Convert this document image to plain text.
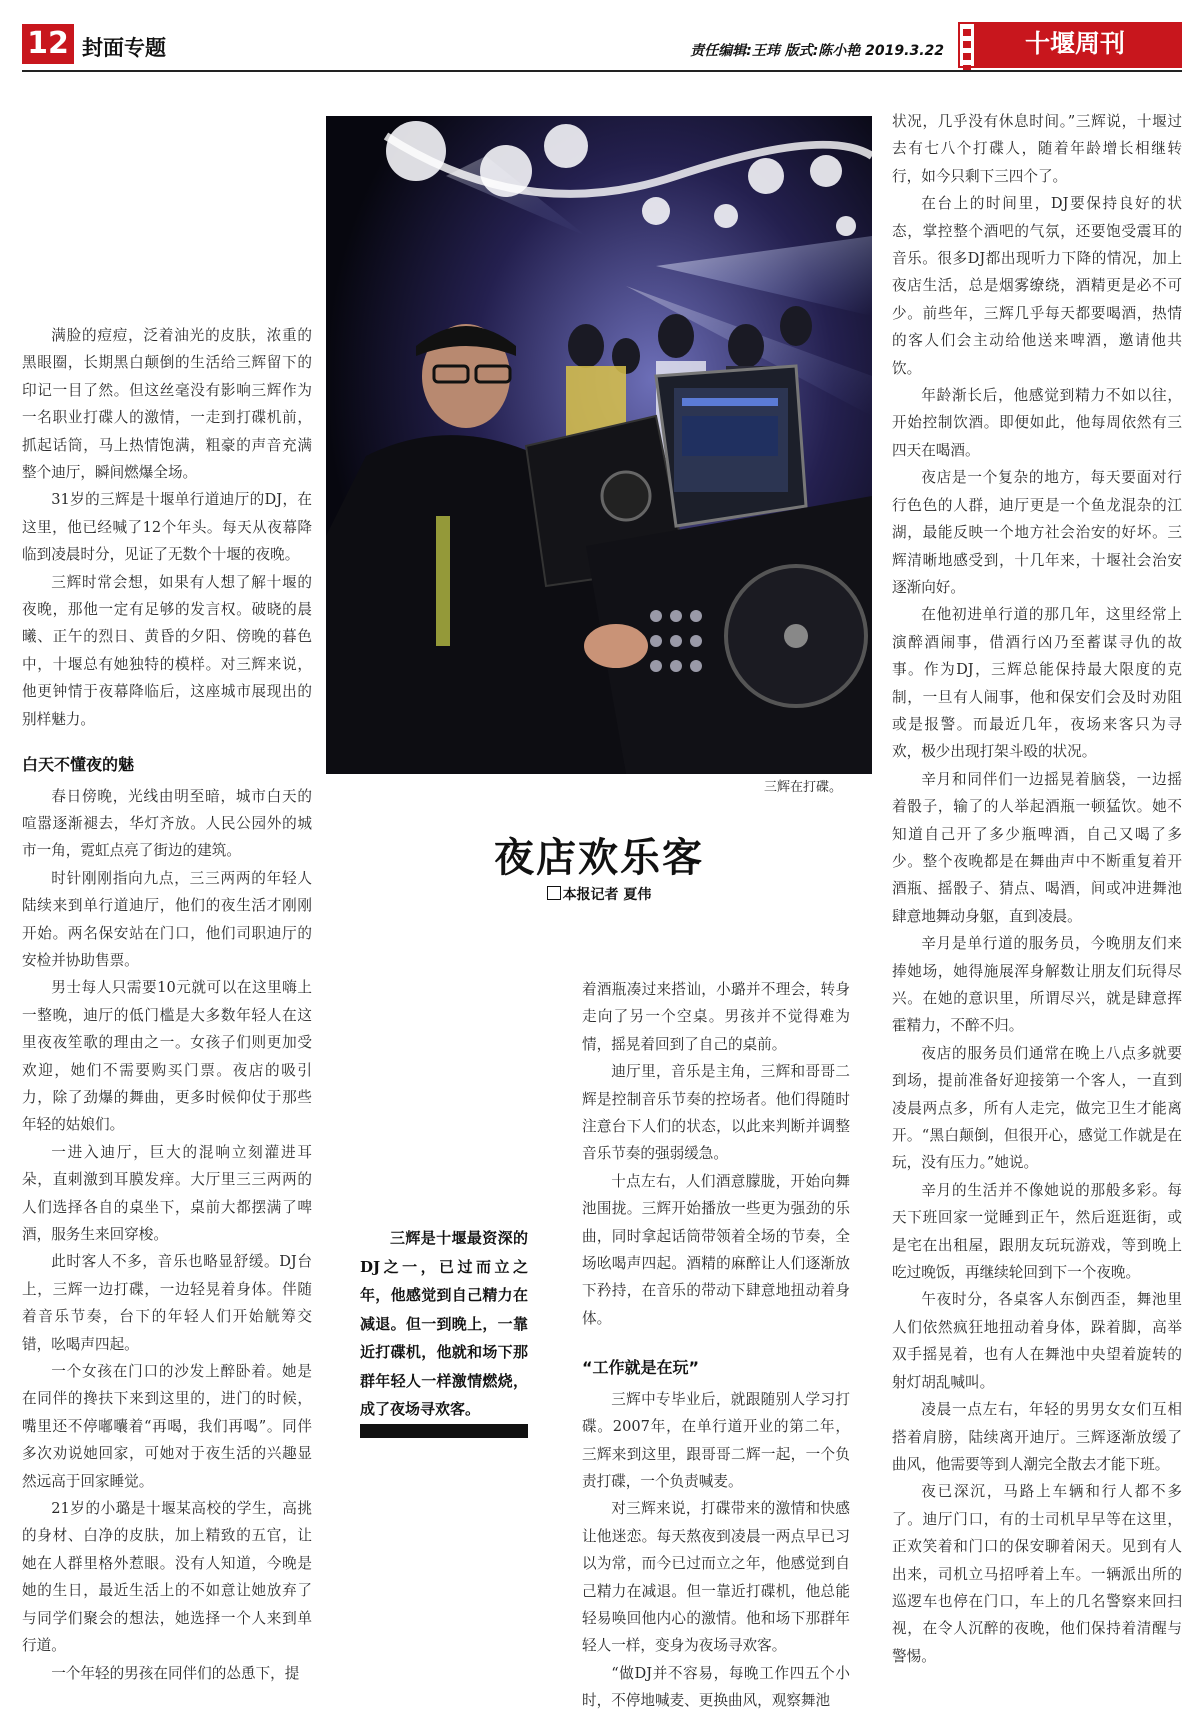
12 封面专题	责任编辑:王玮 版式:陈小艳 2019.3.22	十堰周刊

满脸的痘痘，泛着油光的皮肤，浓重的黑眼圈，长期黑白颠倒的生活给三辉留下的印记一目了然。但这丝毫没有影响三辉作为一名职业打碟人的激情，一走到打碟机前，抓起话筒，马上热情饱满，粗豪的声音充满整个迪厅，瞬间燃爆全场。

31岁的三辉是十堰单行道迪厅的DJ，在这里，他已经喊了12个年头。每天从夜幕降临到凌晨时分，见证了无数个十堰的夜晚。

三辉时常会想，如果有人想了解十堰的夜晚，那他一定有足够的发言权。破晓的晨曦、正午的烈日、黄昏的夕阳、傍晚的暮色中，十堰总有她独特的模样。对三辉来说，他更钟情于夜幕降临后，这座城市展现出的别样魅力。

白天不懂夜的魅

春日傍晚，光线由明至暗，城市白天的喧嚣逐渐褪去，华灯齐放。人民公园外的城市一角，霓虹点亮了街边的建筑。

时针刚刚指向九点，三三两两的年轻人陆续来到单行道迪厅，他们的夜生活才刚刚开始。两名保安站在门口，他们司职迪厅的安检并协助售票。

男士每人只需要10元就可以在这里嗨上一整晚，迪厅的低门槛是大多数年轻人在这里夜夜笙歌的理由之一。女孩子们则更加受欢迎，她们不需要购买门票。夜店的吸引力，除了劲爆的舞曲，更多时候仰仗于那些年轻的姑娘们。

一进入迪厅，巨大的混响立刻灌进耳朵，直刺激到耳膜发痒。大厅里三三两两的人们选择各自的桌坐下，桌前大都摆满了啤酒，服务生来回穿梭。

此时客人不多，音乐也略显舒缓。DJ台上，三辉一边打碟，一边轻晃着身体。伴随着音乐节奏，台下的年轻人们开始觥筹交错，吆喝声四起。

一个女孩在门口的沙发上醉卧着。她是在同伴的搀扶下来到这里的，进门的时候，嘴里还不停嘟囔着“再喝，我们再喝”。同伴多次劝说她回家，可她对于夜生活的兴趣显然远高于回家睡觉。

21岁的小璐是十堰某高校的学生，高挑的身材、白净的皮肤，加上精致的五官，让她在人群里格外惹眼。没有人知道，今晚是她的生日，最近生活上的不如意让她放弃了与同学们聚会的想法，她选择一个人来到单行道。

一个年轻的男孩在同伴们的怂恿下，提

三辉在打碟。
夜店欢乐客
本报记者 夏伟

三辉是十堰最资深的DJ之一，已过而立之年，他感觉到自己精力在减退。但一到晚上，一靠近打碟机，他就和场下那群年轻人一样激情燃烧，成了夜场寻欢客。

着酒瓶凑过来搭讪，小璐并不理会，转身走向了另一个空桌。男孩并不觉得难为情，摇晃着回到了自己的桌前。

迪厅里，音乐是主角，三辉和哥哥二辉是控制音乐节奏的控场者。他们得随时注意台下人们的状态，以此来判断并调整音乐节奏的强弱缓急。

十点左右，人们酒意朦胧，开始向舞池围拢。三辉开始播放一些更为强劲的乐曲，同时拿起话筒带领着全场的节奏，全场吆喝声四起。酒精的麻醉让人们逐渐放下矜持，在音乐的带动下肆意地扭动着身体。

“工作就是在玩”

三辉中专毕业后，就跟随别人学习打碟。2007年，在单行道开业的第二年，三辉来到这里，跟哥哥二辉一起，一个负责打碟，一个负责喊麦。

对三辉来说，打碟带来的激情和快感让他迷恋。每天熬夜到凌晨一两点早已习以为常，而今已过而立之年，他感觉到自己精力在减退。但一靠近打碟机，他总能轻易唤回他内心的激情。他和场下那群年轻人一样，变身为夜场寻欢客。

“做DJ并不容易，每晚工作四五个小时，不停地喊麦、更换曲风，观察舞池

状况，几乎没有休息时间。”三辉说，十堰过去有七八个打碟人，随着年龄增长相继转行，如今只剩下三四个了。

在台上的时间里，DJ要保持良好的状态，掌控整个酒吧的气氛，还要饱受震耳的音乐。很多DJ都出现听力下降的情况，加上夜店生活，总是烟雾缭绕，酒精更是必不可少。前些年，三辉几乎每天都要喝酒，热情的客人们会主动给他送来啤酒，邀请他共饮。

年龄渐长后，他感觉到精力不如以往，开始控制饮酒。即便如此，他每周依然有三四天在喝酒。

夜店是一个复杂的地方，每天要面对行行色色的人群，迪厅更是一个鱼龙混杂的江湖，最能反映一个地方社会治安的好坏。三辉清晰地感受到，十几年来，十堰社会治安逐渐向好。

在他初进单行道的那几年，这里经常上演醉酒闹事，借酒行凶乃至蓄谋寻仇的故事。作为DJ，三辉总能保持最大限度的克制，一旦有人闹事，他和保安们会及时劝阻或是报警。而最近几年，夜场来客只为寻欢，极少出现打架斗殴的状况。

辛月和同伴们一边摇晃着脑袋，一边摇着骰子，输了的人举起酒瓶一顿猛饮。她不知道自己开了多少瓶啤酒，自己又喝了多少。整个夜晚都是在舞曲声中不断重复着开酒瓶、摇骰子、猜点、喝酒，间或冲进舞池肆意地舞动身躯，直到凌晨。

辛月是单行道的服务员，今晚朋友们来捧她场，她得施展浑身解数让朋友们玩得尽兴。在她的意识里，所谓尽兴，就是肆意挥霍精力，不醉不归。

夜店的服务员们通常在晚上八点多就要到场，提前准备好迎接第一个客人，一直到凌晨两点多，所有人走完，做完卫生才能离开。“黑白颠倒，但很开心，感觉工作就是在玩，没有压力。”她说。

辛月的生活并不像她说的那般多彩。每天下班回家一觉睡到正午，然后逛逛街，或是宅在出租屋，跟朋友玩玩游戏，等到晚上吃过晚饭，再继续轮回到下一个夜晚。

午夜时分，各桌客人东倒西歪，舞池里人们依然疯狂地扭动着身体，跺着脚，高举双手摇晃着，也有人在舞池中央望着旋转的射灯胡乱喊叫。

凌晨一点左右，年轻的男男女女们互相搭着肩膀，陆续离开迪厅。三辉逐渐放缓了曲风，他需要等到人潮完全散去才能下班。

夜已深沉，马路上车辆和行人都不多了。迪厅门口，有的士司机早早等在这里，正欢笑着和门口的保安聊着闲天。见到有人出来，司机立马招呼着上车。一辆派出所的巡逻车也停在门口，车上的几名警察来回扫视，在令人沉醉的夜晚，他们保持着清醒与警惕。
